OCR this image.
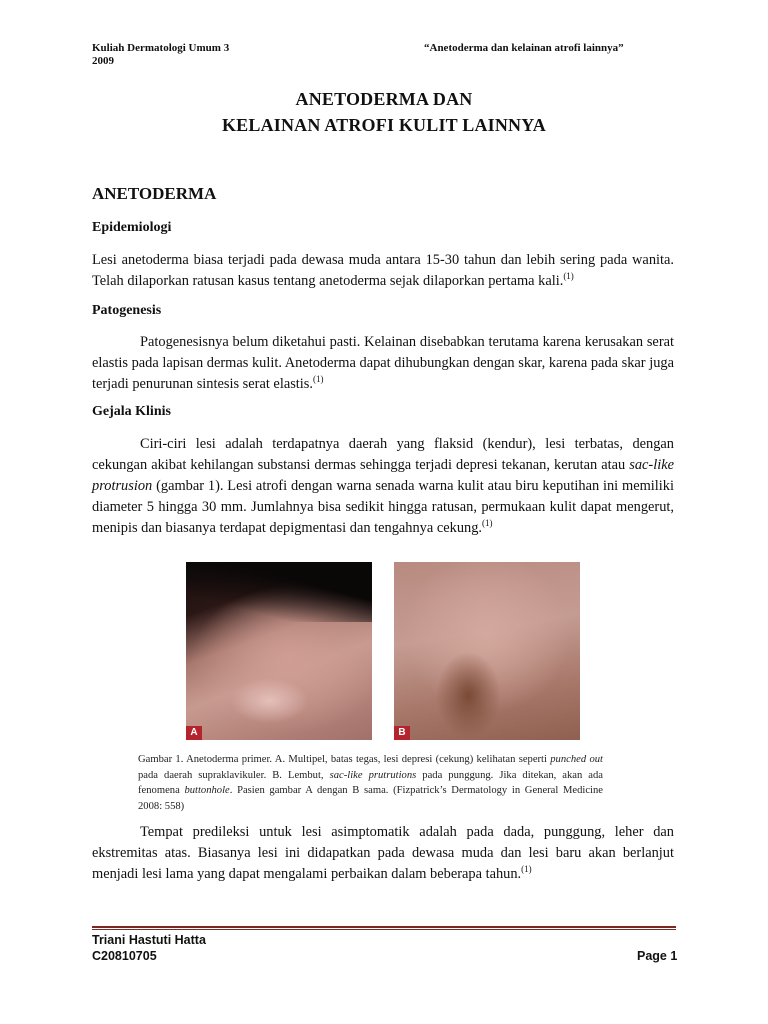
Kuliah Dermatologi Umum 3
2009
“Anetoderma dan kelainan atrofi lainnya”
ANETODERMA DAN
KELAINAN ATROFI KULIT LAINNYA
ANETODERMA
Epidemiologi
Lesi anetoderma biasa terjadi pada dewasa muda antara 15-30 tahun dan lebih sering pada wanita. Telah dilaporkan ratusan kasus tentang anetoderma sejak dilaporkan pertama kali.$^{(1)}$
Patogenesis
Patogenesisnya belum diketahui pasti. Kelainan disebabkan terutama karena kerusakan serat elastis pada lapisan dermas kulit. Anetoderma dapat dihubungkan dengan skar, karena pada skar juga terjadi penurunan sintesis serat elastis.$^{(1)}$
Gejala Klinis
Ciri-ciri lesi adalah terdapatnya daerah yang flaksid (kendur), lesi terbatas, dengan cekungan akibat kehilangan substansi dermas sehingga terjadi depresi tekanan, kerutan atau sac-like protrusion (gambar 1). Lesi atrofi dengan warna senada warna kulit atau biru keputihan ini memiliki diameter 5 hingga 30 mm. Jumlahnya bisa sedikit hingga ratusan, permukaan kulit dapat mengerut, menipis dan biasanya terdapat depigmentasi dan tengahnya cekung.$^{(1)}$
A	B
Gambar 1. Anetoderma primer. A. Multipel, batas tegas, lesi depresi (cekung) kelihatan seperti punched out pada daerah supraklavikuler. B. Lembut, sac-like prutrutions pada punggung. Jika ditekan, akan ada fenomena buttonhole. Pasien gambar A dengan B sama. (Fizpatrick’s Dermatology in General Medicine 2008: 558)
Tempat predileksi untuk lesi asimptomatik adalah pada dada, punggung, leher dan ekstremitas atas. Biasanya lesi ini didapatkan pada dewasa muda dan lesi baru akan berlanjut menjadi lesi lama yang dapat mengalami perbaikan dalam beberapa tahun.$^{(1)}$
Triani Hastuti Hatta
C20810705	Page 1
